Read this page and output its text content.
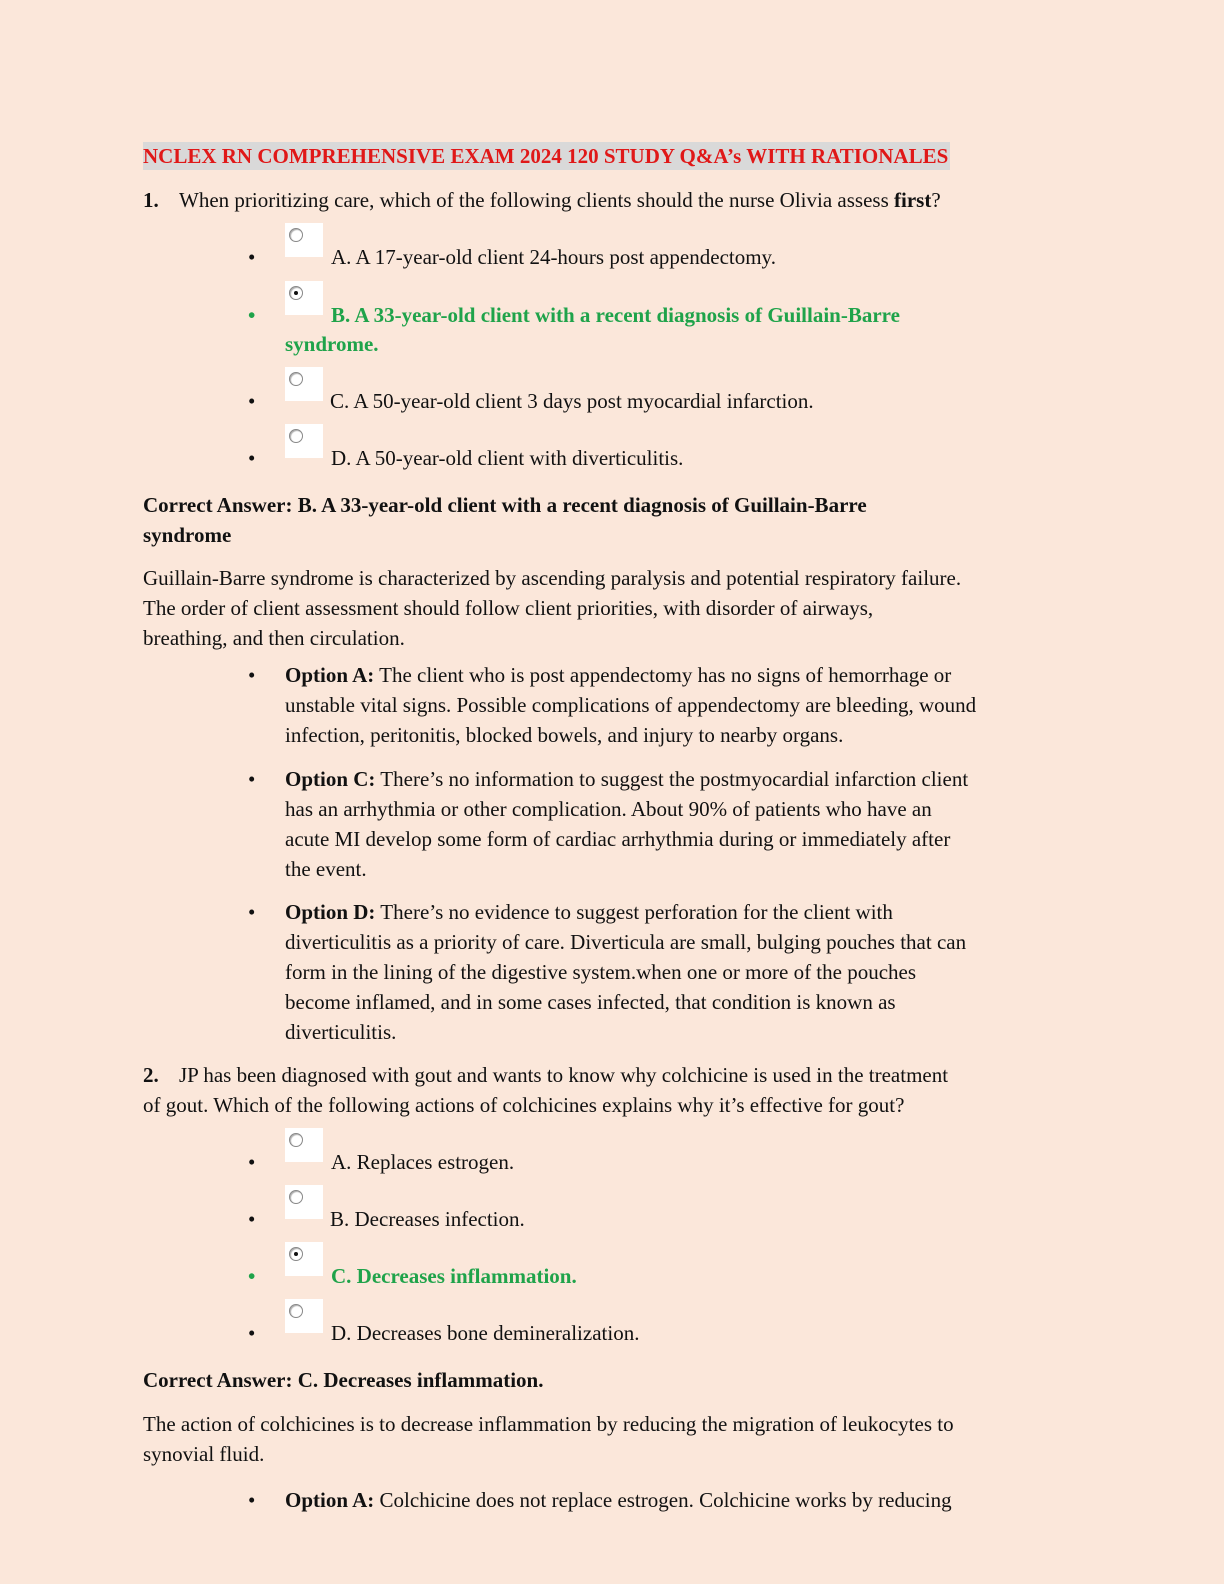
NCLEX RN COMPREHENSIVE EXAM 2024 120 STUDY Q&A’s WITH RATIONALES
1. When prioritizing care, which of the following clients should the nurse Olivia assess first?
•	A. A 17-year-old client 24-hours post appendectomy.
•	B. A 33-year-old client with a recent diagnosis of Guillain-Barre
syndrome.
•	C. A 50-year-old client 3 days post myocardial infarction.
•	D. A 50-year-old client with diverticulitis.
Correct Answer: B. A 33-year-old client with a recent diagnosis of Guillain-Barre
syndrome
Guillain-Barre syndrome is characterized by ascending paralysis and potential respiratory failure.
The order of client assessment should follow client priorities, with disorder of airways,
breathing, and then circulation.
• Option A: The client who is post appendectomy has no signs of hemorrhage or
unstable vital signs. Possible complications of appendectomy are bleeding, wound
infection, peritonitis, blocked bowels, and injury to nearby organs.
• Option C: There’s no information to suggest the postmyocardial infarction client
has an arrhythmia or other complication. About 90% of patients who have an
acute MI develop some form of cardiac arrhythmia during or immediately after
the event.
• Option D: There’s no evidence to suggest perforation for the client with
diverticulitis as a priority of care. Diverticula are small, bulging pouches that can
form in the lining of the digestive system.when one or more of the pouches
become inflamed, and in some cases infected, that condition is known as
diverticulitis.
2. JP has been diagnosed with gout and wants to know why colchicine is used in the treatment
of gout. Which of the following actions of colchicines explains why it’s effective for gout?
•	A. Replaces estrogen.
•	B. Decreases infection.
•	C. Decreases inflammation.
•	D. Decreases bone demineralization.
Correct Answer: C. Decreases inflammation.
The action of colchicines is to decrease inflammation by reducing the migration of leukocytes to
synovial fluid.
• Option A: Colchicine does not replace estrogen. Colchicine works by reducing
